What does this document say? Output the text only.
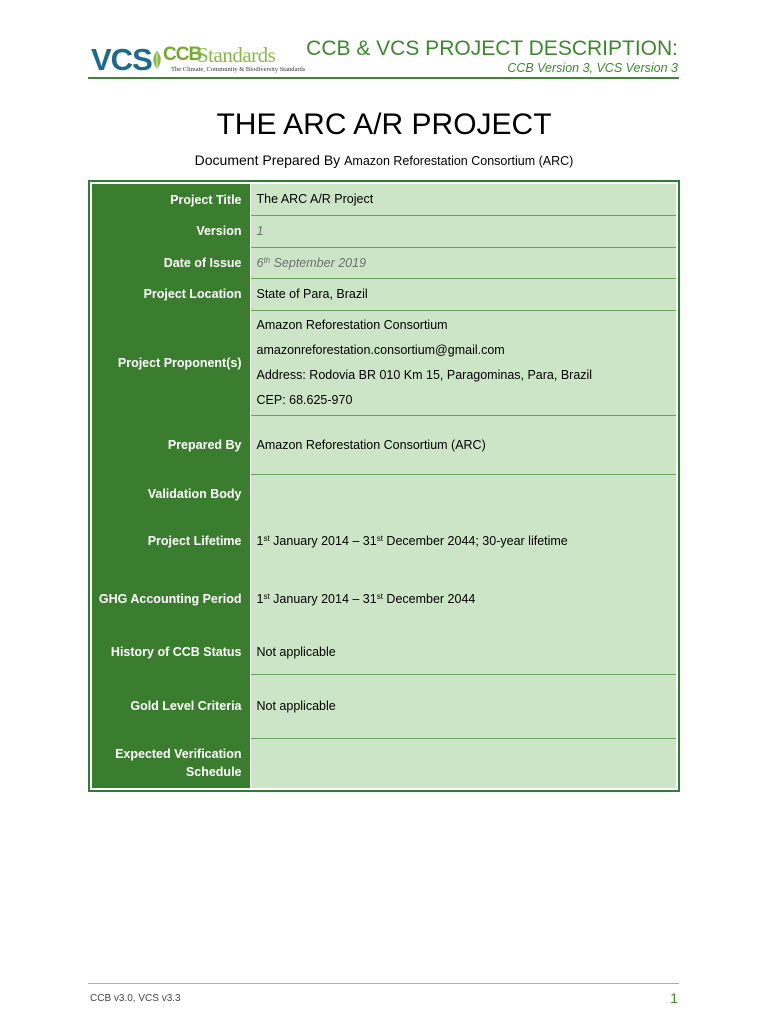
VCS CCB
Standards
The Climate, Community & Biodiversity Standards
CCB & VCS PROJECT DESCRIPTION:
CCB Version 3, VCS Version 3
THE ARC A/R PROJECT
Document Prepared By Amazon Reforestation Consortium (ARC)
Project Title	The ARC A/R Project
Version	1
Date of Issue	6th September 2019
Project Location	State of Para, Brazil
Project Proponent(s)	Amazon Reforestation Consortium
amazonreforestation.consortium@gmail.com
Address: Rodovia BR 010 Km 15, Paragominas, Para, Brazil
CEP: 68.625-970

Prepared By	Amazon Reforestation Consortium (ARC)
Validation Body	
Project Lifetime	1st January 2014 – 31st December 2044; 30-year lifetime
GHG Accounting Period	1st January 2014 – 31st December 2044
History of CCB Status	Not applicable
Gold Level Criteria	Not applicable
Expected Verification Schedule	
CCB v3.0, VCS v3.3	1
